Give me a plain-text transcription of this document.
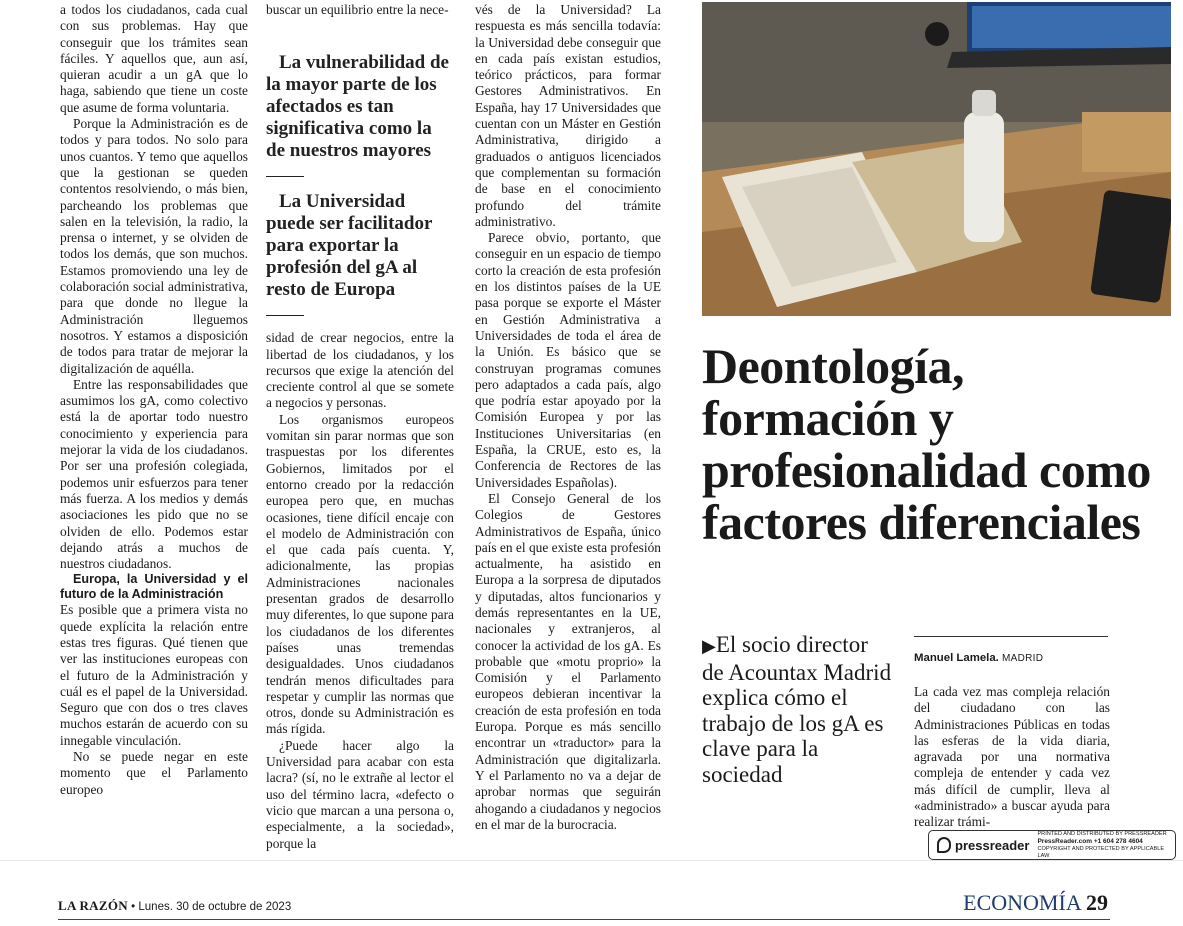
a todos los ciudadanos, cada cual con sus problemas. Hay que conseguir que los trámites sean fáciles. Y aquellos que, aun así, quieran acudir a un gA que lo haga, sabiendo que tiene un coste que asume de forma voluntaria.

Porque la Administración es de todos y para todos. No solo para unos cuantos. Y temo que aquellos que la gestionan se queden contentos resolviendo, o más bien, parcheando los problemas que salen en la televisión, la radio, la prensa o internet, y se olviden de todos los demás, que son muchos. Estamos promoviendo una ley de colaboración social administrativa, para que donde no llegue la Administración lleguemos nosotros. Y estamos a disposición de todos para tratar de mejorar la digitalización de aquélla.

Entre las responsabilidades que asumimos los gA, como colectivo está la de aportar todo nuestro conocimiento y experiencia para mejorar la vida de los ciudadanos. Por ser una profesión colegiada, podemos unir esfuerzos para tener más fuerza. A los medios y demás asociaciones les pido que no se olviden de ello. Podemos estar dejando atrás a muchos de nuestros ciudadanos.

Europa, la Universidad y el futuro de la Administración

Es posible que a primera vista no quede explícita la relación entre estas tres figuras. Qué tienen que ver las instituciones europeas con el futuro de la Administración y cuál es el papel de la Universidad. Seguro que con dos o tres claves muchos estarán de acuerdo con su innegable vinculación.

No se puede negar en este momento que el Parlamento europeo

buscar un equilibrio entre la nece-

La vulnerabilidad de la mayor parte de los afectados es tan significativa como la de nuestros mayores

La Universidad puede ser facilitador para exportar la profesión del gA al resto de Europa

sidad de crear negocios, entre la libertad de los ciudadanos, y los recursos que exige la atención del creciente control al que se somete a negocios y personas.

Los organismos europeos vomitan sin parar normas que son traspuestas por los diferentes Gobiernos, limitados por el entorno creado por la redacción europea pero que, en muchas ocasiones, tiene difícil encaje con el modelo de Administración con el que cada país cuenta. Y, adicionalmente, las propias Administraciones nacionales presentan grados de desarrollo muy diferentes, lo que supone para los ciudadanos de los diferentes países unas tremendas desigualdades. Unos ciudadanos tendrán menos dificultades para respetar y cumplir las normas que otros, donde su Administración es más rígida.

¿Puede hacer algo la Universidad para acabar con esta lacra? (sí, no le extrañe al lector el uso del término lacra, «defecto o vicio que marcan a una persona o, especialmente, a la sociedad», porque la

vés de la Universidad? La respuesta es más sencilla todavía: la Universidad debe conseguir que en cada país existan estudios, teórico prácticos, para formar Gestores Administrativos. En España, hay 17 Universidades que cuentan con un Máster en Gestión Administrativa, dirigido a graduados o antiguos licenciados que complementan su formación de base en el conocimiento profundo del trámite administrativo.

Parece obvio, portanto, que conseguir en un espacio de tiempo corto la creación de esta profesión en los distintos países de la UE pasa porque se exporte el Máster en Gestión Administrativa a Universidades de toda el área de la Unión. Es básico que se construyan programas comunes pero adaptados a cada país, algo que podría estar apoyado por la Comisión Europea y por las Instituciones Universitarias (en España, la CRUE, esto es, la Conferencia de Rectores de las Universidades Españolas).

El Consejo General de los Colegios de Gestores Administrativos de España, único país en el que existe esta profesión actualmente, ha asistido en Europa a la sorpresa de diputados y diputadas, altos funcionarios y demás representantes en la UE, nacionales y extranjeros, al conocer la actividad de los gA. Es probable que «motu proprio» la Comisión y el Parlamento europeos debieran incentivar la creación de esta profesión en toda Europa. Porque es más sencillo encontrar un «traductor» para la Administración que digitalizarla. Y el Parlamento no va a dejar de aprobar normas que seguirán ahogando a ciudadanos y negocios en el mar de la burocracia.

Deontología, formación y profesionalidad como factores diferenciales
▶El socio director de Acountax Madrid explica cómo el trabajo de los gA es clave para la sociedad
Manuel Lamela. MADRID

La cada vez mas compleja relación del ciudadano con las Administraciones Públicas en todas las esferas de la vida diaria, agravada por una normativa compleja de entender y cada vez más difícil de cumplir, lleva al «administrado» a buscar ayuda para realizar trámi-

pressreader
PRINTED AND DISTRIBUTED BY PRESSREADER
PressReader.com +1 604 278 4604
COPYRIGHT AND PROTECTED BY APPLICABLE LAW
LA RAZÓN • Lunes. 30 de octubre de 2023	ECONOMÍA 29
